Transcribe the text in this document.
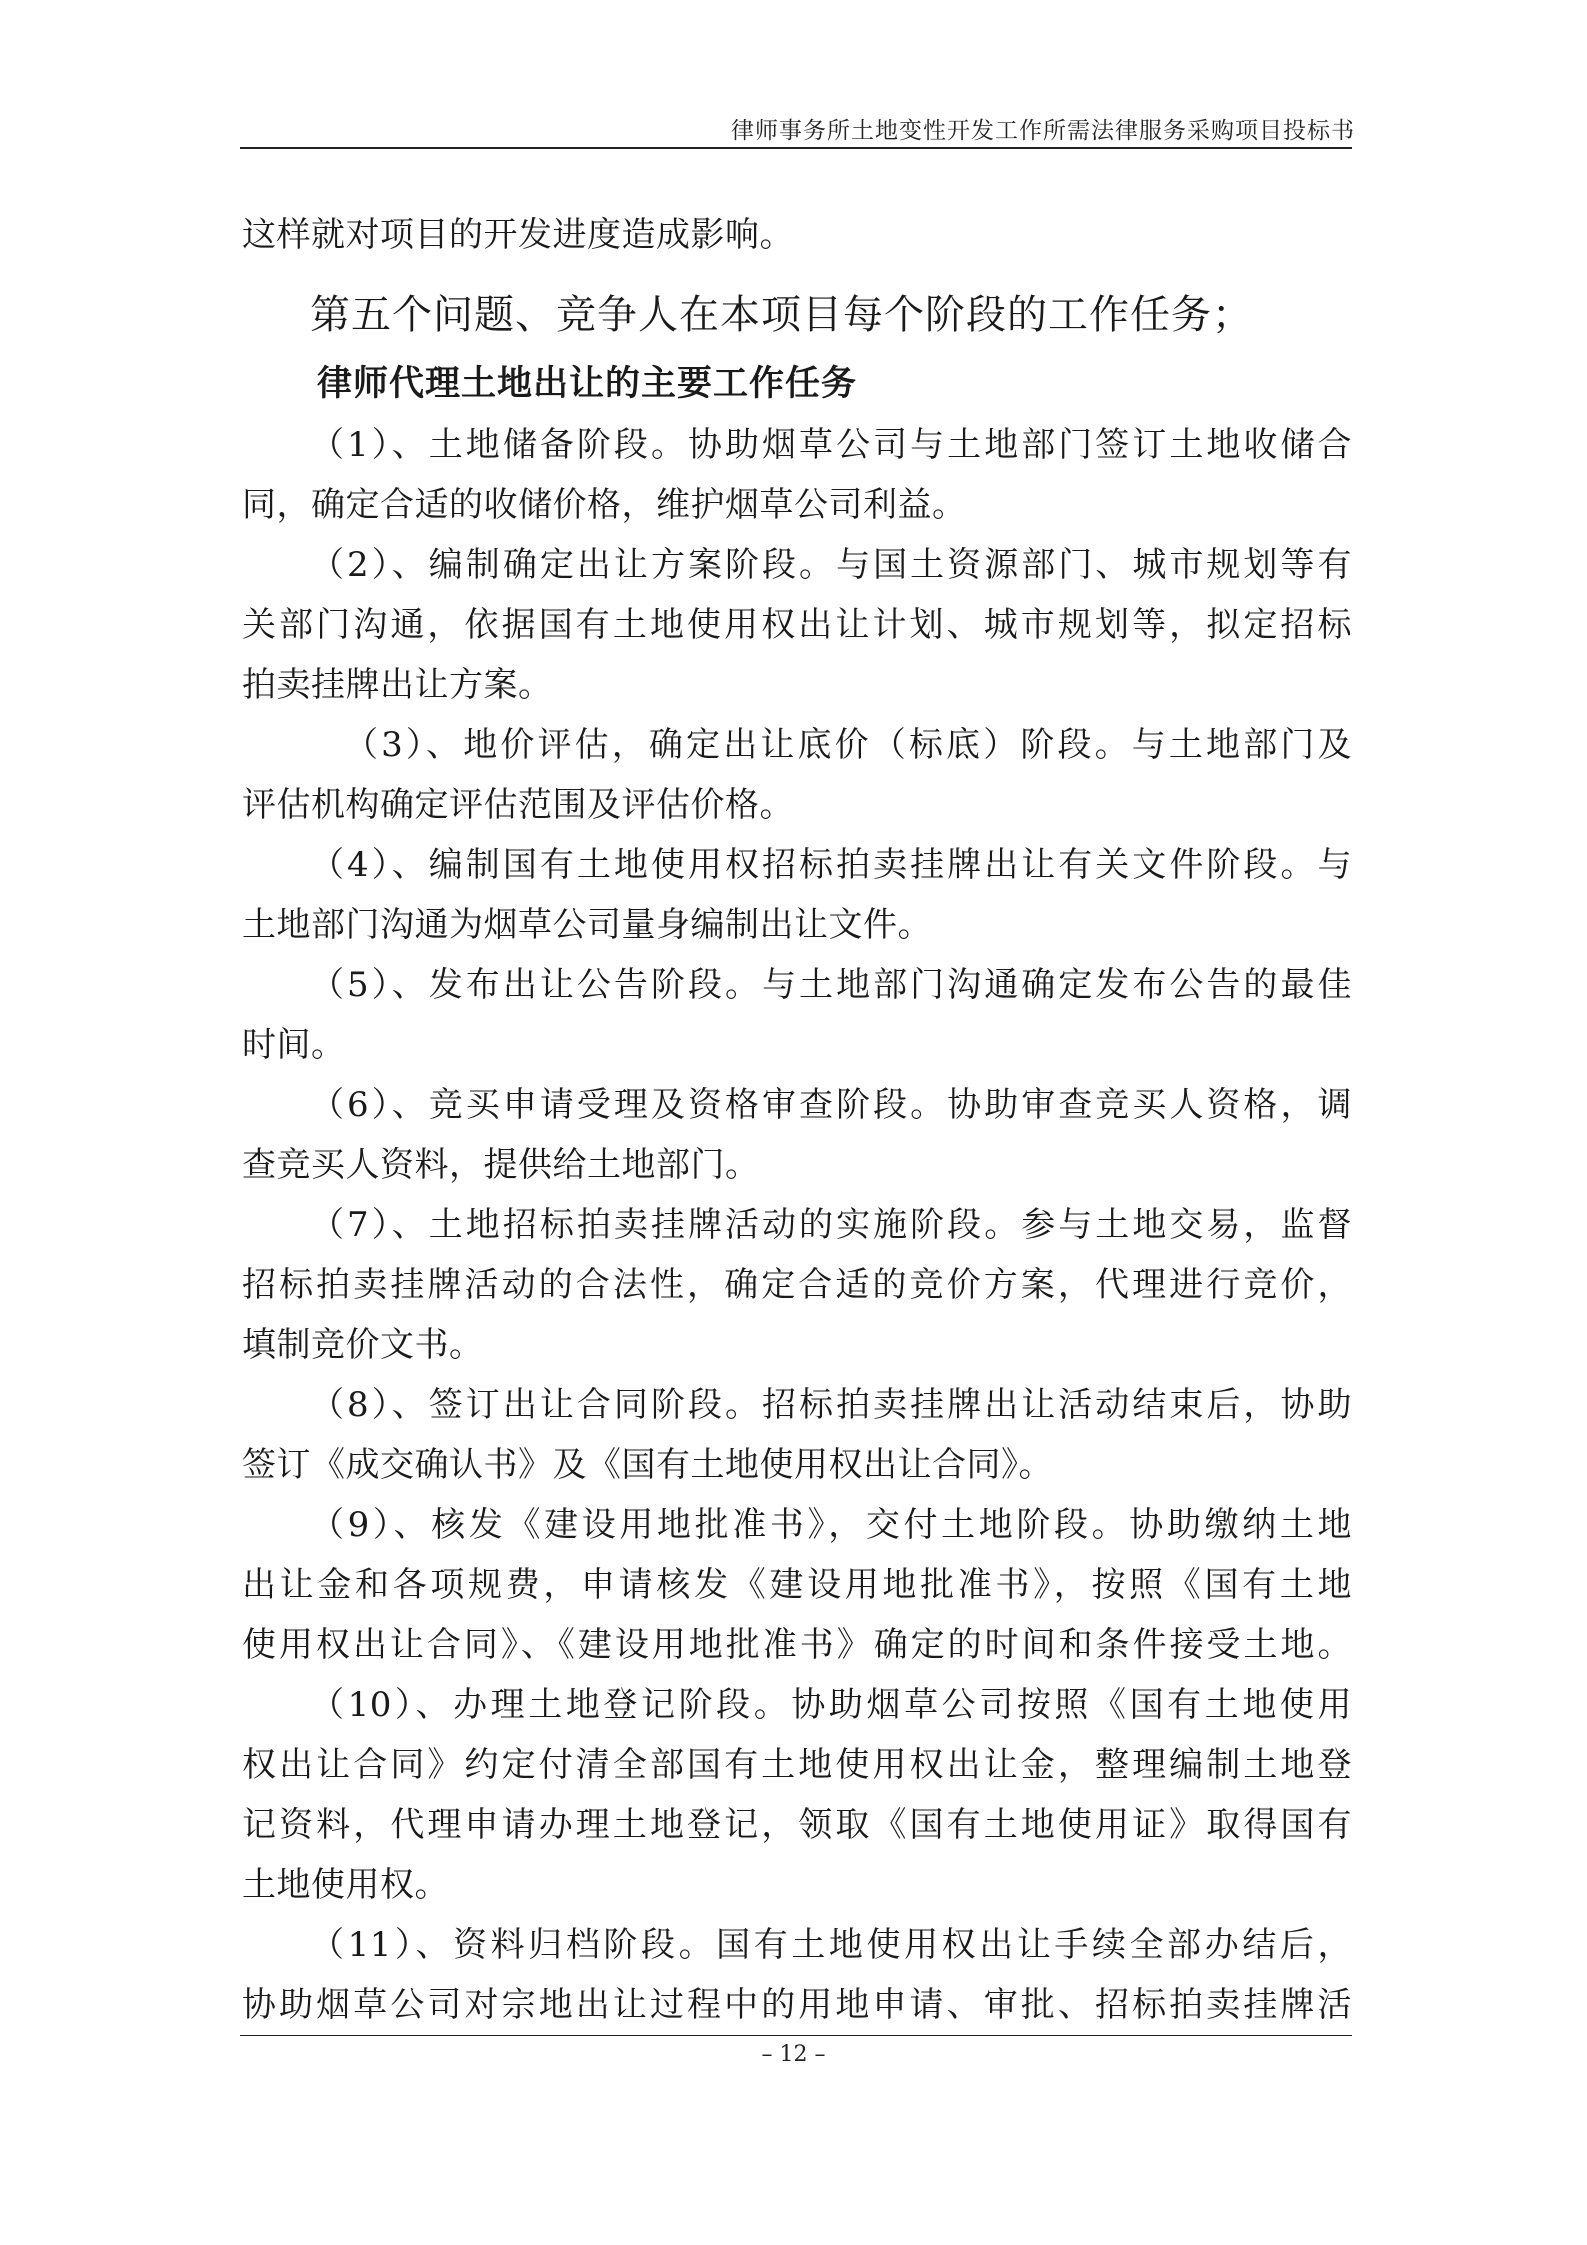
律师事务所土地变性开发工作所需法律服务采购项目投标书
这样就对项目的开发进度造成影响。
第五个问题、竞争人在本项目每个阶段的工作任务；
律师代理土地出让的主要工作任务
（1）、土地储备阶段。协助烟草公司与土地部门签订土地收储合
同，确定合适的收储价格，维护烟草公司利益。
（2）、编制确定出让方案阶段。与国土资源部门、城市规划等有
关部门沟通，依据国有土地使用权出让计划、城市规划等，拟定招标
拍卖挂牌出让方案。
（3）、地价评估，确定出让底价（标底）阶段。与土地部门及
评估机构确定评估范围及评估价格。
（4）、编制国有土地使用权招标拍卖挂牌出让有关文件阶段。与
土地部门沟通为烟草公司量身编制出让文件。
（5）、发布出让公告阶段。与土地部门沟通确定发布公告的最佳
时间。
（6）、竞买申请受理及资格审查阶段。协助审查竞买人资格，调
查竞买人资料，提供给土地部门。
（7）、土地招标拍卖挂牌活动的实施阶段。参与土地交易，监督
招标拍卖挂牌活动的合法性，确定合适的竞价方案，代理进行竞价，
填制竞价文书。
（8）、签订出让合同阶段。招标拍卖挂牌出让活动结束后，协助
签订《成交确认书》及《国有土地使用权出让合同》。
（9）、核发《建设用地批准书》，交付土地阶段。协助缴纳土地
出让金和各项规费，申请核发《建设用地批准书》，按照《国有土地
使用权出让合同》、《建设用地批准书》确定的时间和条件接受土地。
（10）、办理土地登记阶段。协助烟草公司按照《国有土地使用
权出让合同》约定付清全部国有土地使用权出让金，整理编制土地登
记资料，代理申请办理土地登记，领取《国有土地使用证》取得国有
土地使用权。
（11）、资料归档阶段。国有土地使用权出让手续全部办结后，
协助烟草公司对宗地出让过程中的用地申请、审批、招标拍卖挂牌活
– 12 –
